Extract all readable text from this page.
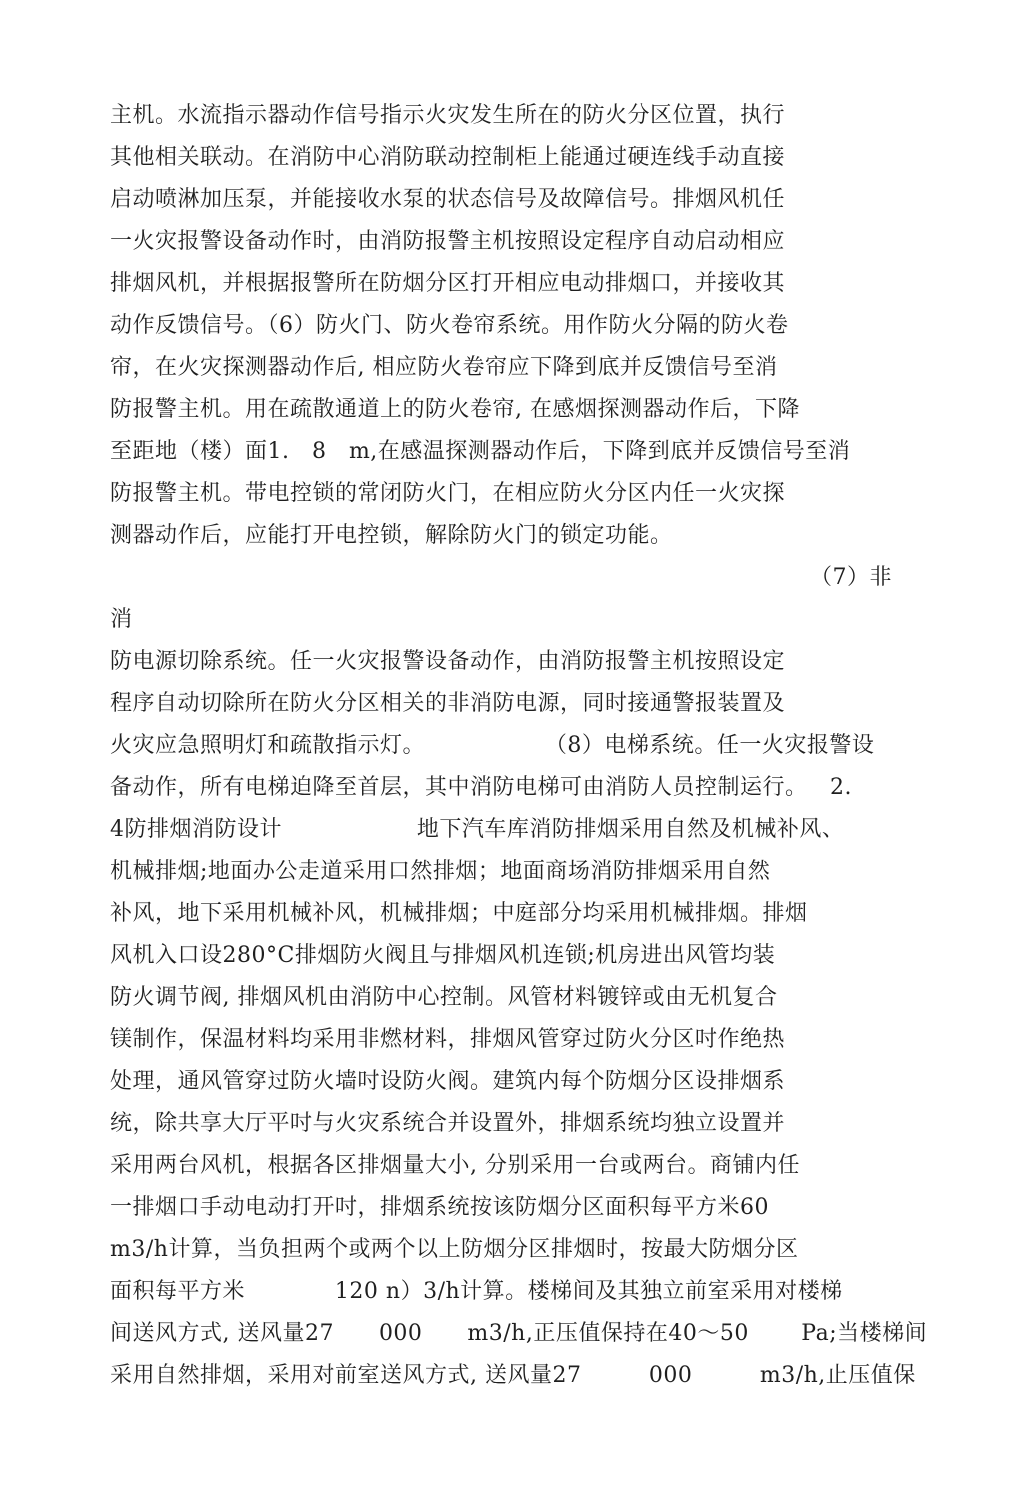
主机。水流指示器动作信号指示火灾发生所在的防火分区位置，执行
其他相关联动。在消防中心消防联动控制柜上能通过硬连线手动直接
启动喷淋加压泵，并能接收水泵的状态信号及故障信号。排烟风机任
一火灾报警设备动作时，由消防报警主机按照设定程序自动启动相应
排烟风机，并根据报警所在防烟分区打开相应电动排烟口，并接收其
动作反馈信号。（6）防火门、防火卷帘系统。用作防火分隔的防火卷
帘，在火灾探测器动作后, 相应防火卷帘应下降到底并反馈信号至消
防报警主机。用在疏散通道上的防火卷帘, 在感烟探测器动作后，下降
至距地（楼）面1.   8   m,在感温探测器动作后，下降到底并反馈信号至消
防报警主机。带电控锁的常闭防火门，在相应防火分区内任一火灾探
测器动作后，应能打开电控锁，解除防火门的锁定功能。
（7）非
消
防电源切除系统。任一火灾报警设备动作，由消防报警主机按照设定
程序自动切除所在防火分区相关的非消防电源，同时接通警报装置及
火灾应急照明灯和疏散指示灯。                （8）电梯系统。任一火灾报警设
备动作，所有电梯迫降至首层，其中消防电梯可由消防人员控制运行。   2.
4防排烟消防设计                  地下汽车库消防排烟采用自然及机械补风、
机械排烟;地面办公走道采用口然排烟；地面商场消防排烟采用自然
补风，地下采用机械补风，机械排烟；中庭部分均采用机械排烟。排烟
风机入口设280°C排烟防火阀且与排烟风机连锁;机房进出风管均装
防火调节阀, 排烟风机由消防中心控制。风管材料镀锌或由无机复合
镁制作，保温材料均采用非燃材料，排烟风管穿过防火分区吋作绝热
处理，通风管穿过防火墙吋设防火阀。建筑内每个防烟分区设排烟系
统，除共享大厅平吋与火灾系统合并设置外，排烟系统均独立设置并
采用两台风机，根据各区排烟量大小, 分别采用一台或两台。商铺内任
一排烟口手动电动打开吋，排烟系统按该防烟分区面积每平方米60
m3/h计算，当负担两个或两个以上防烟分区排烟时，按最大防烟分区
面积每平方米            120 n）3/h计算。楼梯间及其独立前室采用对楼梯
间送风方式, 送风量27      000      m3/h,正压值保持在40〜50       Pa;当楼梯间
采用自然排烟，采用对前室送风方式, 送风量27         000         m3/h,止压值保
